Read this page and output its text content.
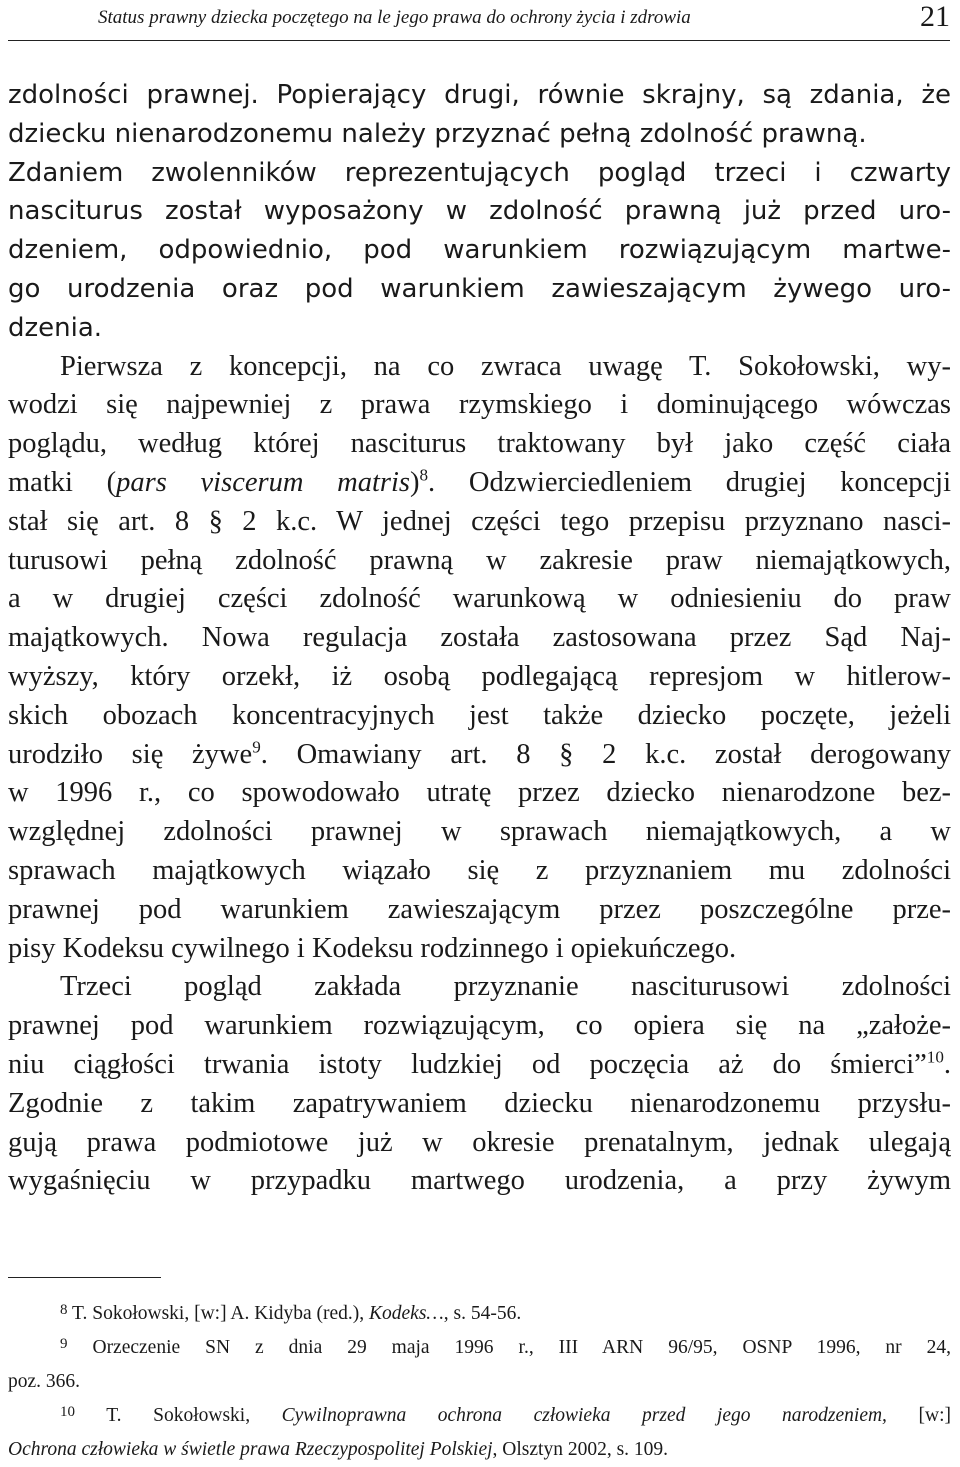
Status prawny dziecka poczętego na le jego prawa do ochrony życia i zdrowia	21
zdolności prawnej. Popierający drugi, równie skrajny, są zdania, że
dziecku nienarodzonemu należy przyznać pełną zdolność prawną.
Zdaniem zwolenników reprezentujących pogląd trzeci i czwarty
nasciturus został wyposażony w zdolność prawną już przed uro-
dzeniem, odpowiednio, pod warunkiem rozwiązującym martwe-
go urodzenia oraz pod warunkiem zawieszającym żywego uro-
dzenia.
Pierwsza z koncepcji, na co zwraca uwagę T. Sokołowski, wy-
wodzi się najpewniej z prawa rzymskiego i dominującego wówczas
poglądu, według której nasciturus traktowany był jako część ciała
matki (pars viscerum matris)$^8$. Odzwierciedleniem drugiej koncepcji
stał się art. 8 § 2 k.c. W jednej części tego przepisu przyznano nasci-
turusowi pełną zdolność prawną w zakresie praw niemajątkowych,
a w drugiej części zdolność warunkową w odniesieniu do praw
majątkowych. Nowa regulacja została zastosowana przez Sąd Naj-
wyższy, który orzekł, iż osobą podlegającą represjom w hitlerow-
skich obozach koncentracyjnych jest także dziecko poczęte, jeżeli
urodziło się żywe$^9$. Omawiany art. 8 § 2 k.c. został derogowany
w 1996 r., co spowodowało utratę przez dziecko nienarodzone bez-
względnej zdolności prawnej w sprawach niemajątkowych, a w
sprawach majątkowych wiązało się z przyznaniem mu zdolności
prawnej pod warunkiem zawieszającym przez poszczególne prze-
pisy Kodeksu cywilnego i Kodeksu rodzinnego i opiekuńczego.
Trzeci pogląd zakłada przyznanie nasciturusowi zdolności
prawnej pod warunkiem rozwiązującym, co opiera się na „założe-
niu ciągłości trwania istoty ludzkiej od poczęcia aż do śmierci”$^{10}$.
Zgodnie z takim zapatrywaniem dziecku nienarodzonemu przysłu-
gują prawa podmiotowe już w okresie prenatalnym, jednak ulegają
wygaśnięciu w przypadku martwego urodzenia, a przy żywym
$^8$ T. Sokołowski, [w:] A. Kidyba (red.), Kodeks…, s. 54-56.
$^9$ Orzeczenie SN z dnia 29 maja 1996 r., III ARN 96/95, OSNP 1996, nr 24,
poz. 366.
$^{10}$ T. Sokołowski, Cywilnoprawna ochrona człowieka przed jego narodzeniem, [w:]
Ochrona człowieka w świetle prawa Rzeczypospolitej Polskiej, Olsztyn 2002, s. 109.
